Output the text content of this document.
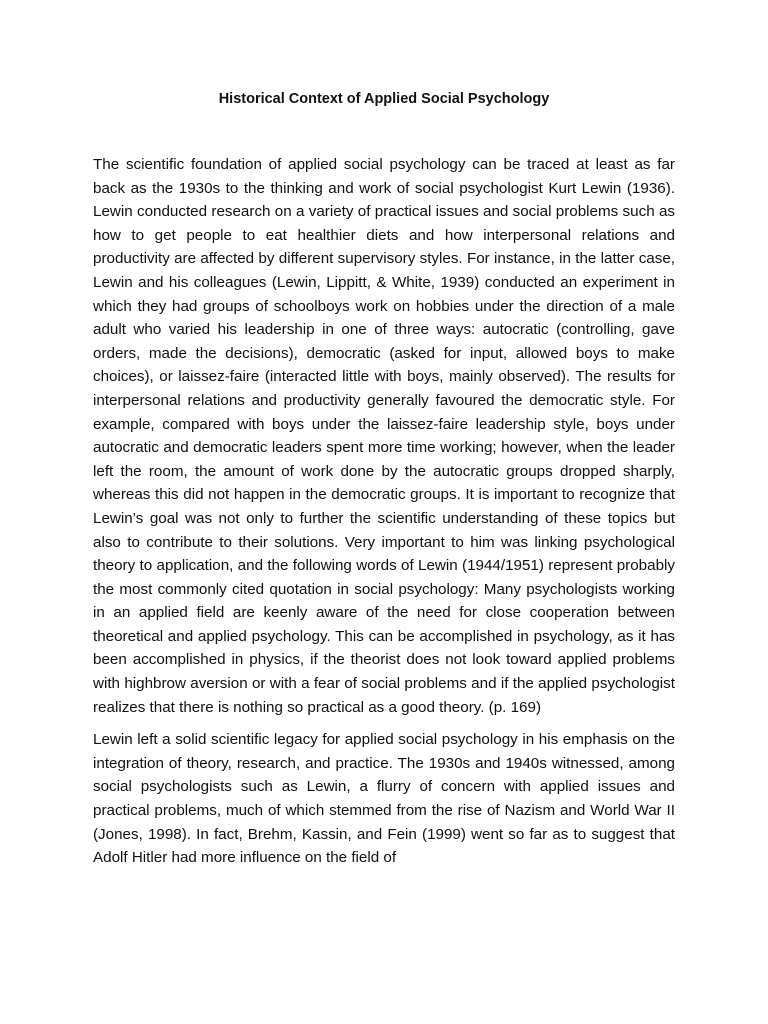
Historical Context of Applied Social Psychology

The scientific foundation of applied social psychology can be traced at least as far back as the 1930s to the thinking and work of social psychologist Kurt Lewin (1936). Lewin conducted research on a variety of practical issues and social problems such as how to get people to eat healthier diets and how interpersonal relations and productivity are affected by different supervisory styles. For instance, in the latter case, Lewin and his colleagues (Lewin, Lippitt, & White, 1939) conducted an experiment in which they had groups of schoolboys work on hobbies under the direction of a male adult who varied his leadership in one of three ways: autocratic (controlling, gave orders, made the decisions), democratic (asked for input, allowed boys to make choices), or laissez-faire (interacted little with boys, mainly observed). The results for interpersonal relations and productivity generally favoured the democratic style. For example, compared with boys under the laissez-faire leadership style, boys under autocratic and democratic leaders spent more time working; however, when the leader left the room, the amount of work done by the autocratic groups dropped sharply, whereas this did not happen in the democratic groups. It is important to recognize that Lewin’s goal was not only to further the scientific understanding of these topics but also to contribute to their solutions. Very important to him was linking psychological theory to application, and the following words of Lewin (1944/1951) represent probably the most commonly cited quotation in social psychology: Many psychologists working in an applied field are keenly aware of the need for close cooperation between theoretical and applied psychology. This can be accomplished in psychology, as it has been accomplished in physics, if the theorist does not look toward applied problems with highbrow aversion or with a fear of social problems and if the applied psychologist realizes that there is nothing so practical as a good theory. (p. 169)

Lewin left a solid scientific legacy for applied social psychology in his emphasis on the integration of theory, research, and practice. The 1930s and 1940s witnessed, among social psychologists such as Lewin, a flurry of concern with applied issues and practical problems, much of which stemmed from the rise of Nazism and World War II (Jones, 1998). In fact, Brehm, Kassin, and Fein (1999) went so far as to suggest that Adolf Hitler had more influence on the field of
